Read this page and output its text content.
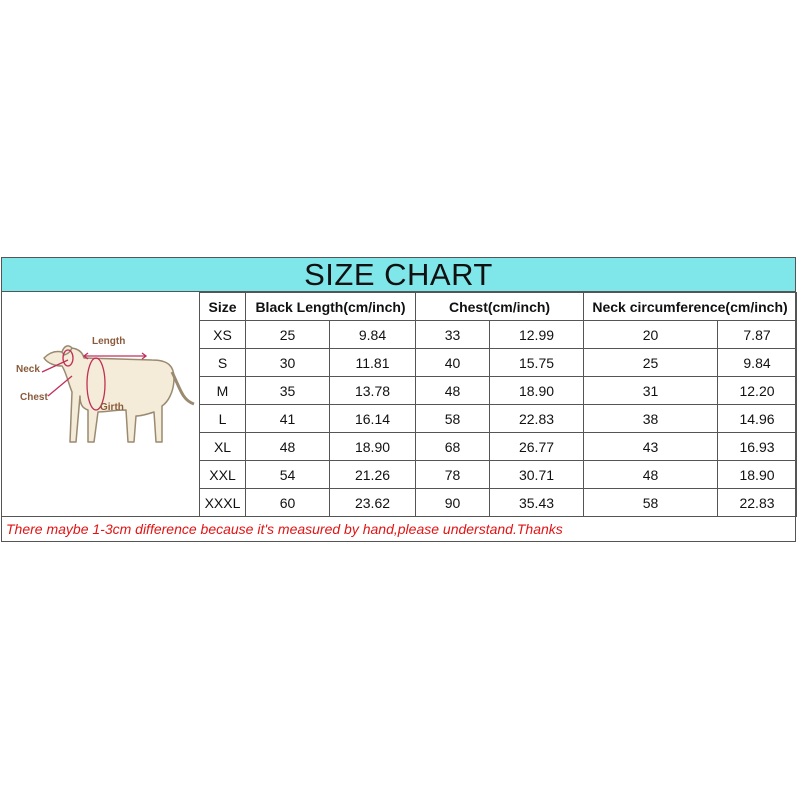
SIZE CHART
Length
Neck
Chest
Girth
Size	Black Length(cm/inch)		Chest(cm/inch)		Neck circumference(cm/inch)	
XS	25	9.84	33	12.99	20	7.87
S	30	11.81	40	15.75	25	9.84
M	35	13.78	48	18.90	31	12.20
L	41	16.14	58	22.83	38	14.96
XL	48	18.90	68	26.77	43	16.93
XXL	54	21.26	78	30.71	48	18.90
XXXL	60	23.62	90	35.43	58	22.83
There maybe 1-3cm difference because it's measured by hand,please understand.Thanks
